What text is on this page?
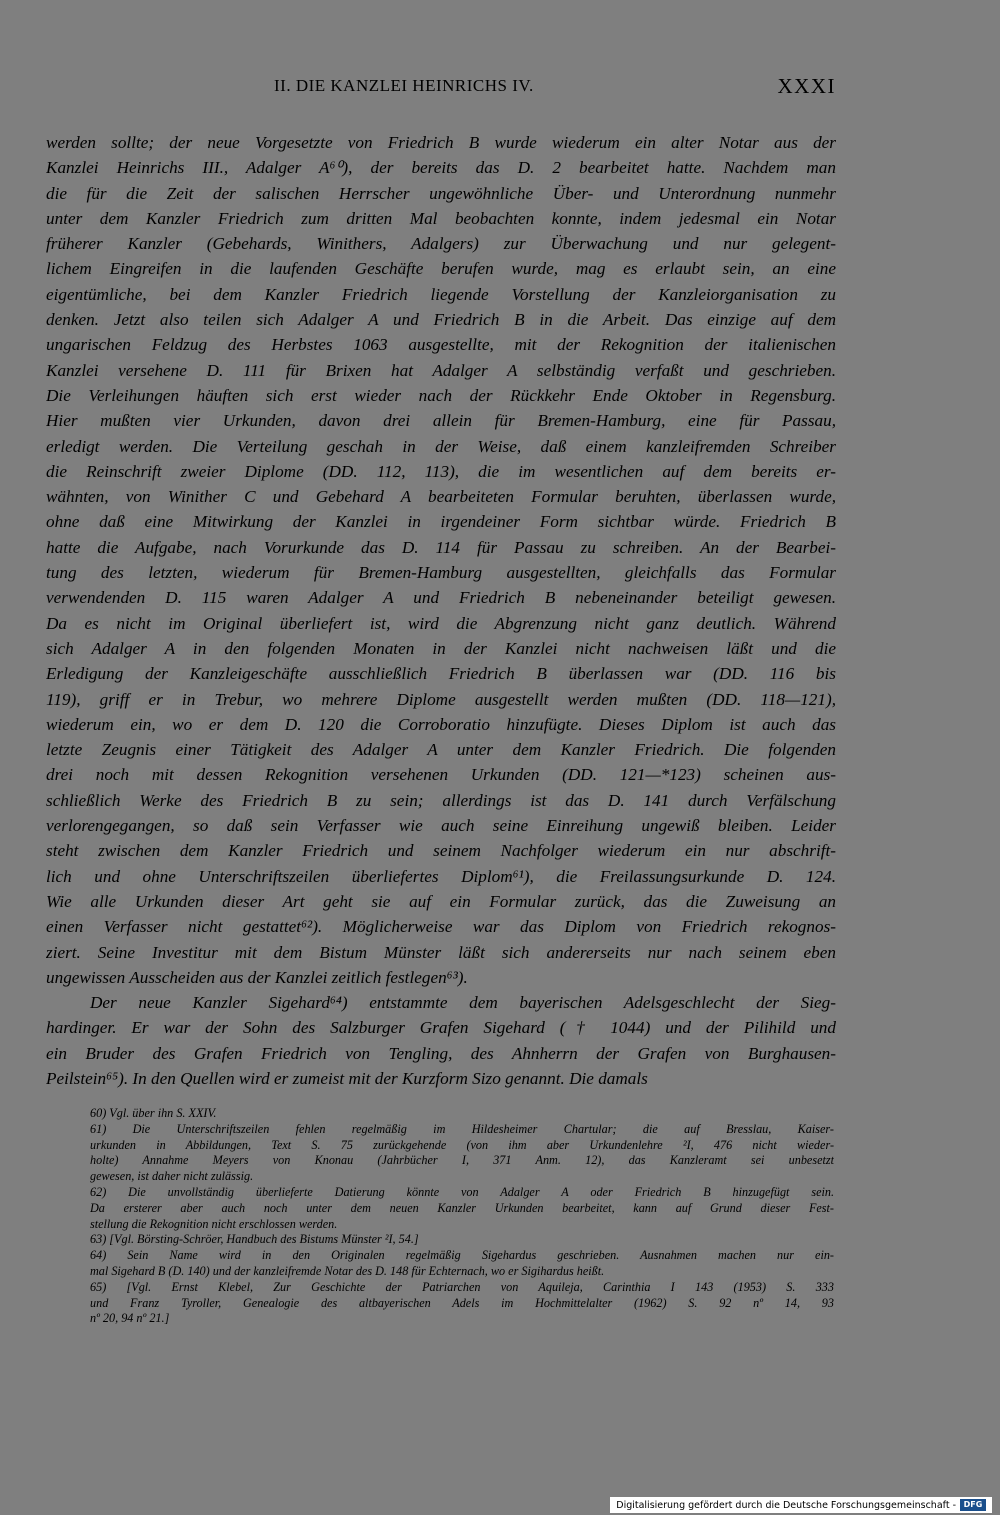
II. DIE KANZLEI HEINRICHS IV.	XXXI
werden sollte; der neue Vorgesetzte von Friedrich B wurde wiederum ein alter Notar aus der
Kanzlei Heinrichs III., Adalger A⁶⁰), der bereits das D. 2 bearbeitet hatte. Nachdem man
die für die Zeit der salischen Herrscher ungewöhnliche Über- und Unterordnung nunmehr
unter dem Kanzler Friedrich zum dritten Mal beobachten konnte, indem jedesmal ein Notar
früherer Kanzler (Gebehards, Winithers, Adalgers) zur Überwachung und nur gelegent-
lichem Eingreifen in die laufenden Geschäfte berufen wurde, mag es erlaubt sein, an eine
eigentümliche, bei dem Kanzler Friedrich liegende Vorstellung der Kanzleiorganisation zu
denken. Jetzt also teilen sich Adalger A und Friedrich B in die Arbeit. Das einzige auf dem
ungarischen Feldzug des Herbstes 1063 ausgestellte, mit der Rekognition der italienischen
Kanzlei versehene D. 111 für Brixen hat Adalger A selbständig verfaßt und geschrieben.
Die Verleihungen häuften sich erst wieder nach der Rückkehr Ende Oktober in Regensburg.
Hier mußten vier Urkunden, davon drei allein für Bremen-Hamburg, eine für Passau,
erledigt werden. Die Verteilung geschah in der Weise, daß einem kanzleifremden Schreiber
die Reinschrift zweier Diplome (DD. 112, 113), die im wesentlichen auf dem bereits er-
wähnten, von Winither C und Gebehard A bearbeiteten Formular beruhten, überlassen wurde,
ohne daß eine Mitwirkung der Kanzlei in irgendeiner Form sichtbar würde. Friedrich B
hatte die Aufgabe, nach Vorurkunde das D. 114 für Passau zu schreiben. An der Bearbei-
tung des letzten, wiederum für Bremen-Hamburg ausgestellten, gleichfalls das Formular
verwendenden D. 115 waren Adalger A und Friedrich B nebeneinander beteiligt gewesen.
Da es nicht im Original überliefert ist, wird die Abgrenzung nicht ganz deutlich. Während
sich Adalger A in den folgenden Monaten in der Kanzlei nicht nachweisen läßt und die
Erledigung der Kanzleigeschäfte ausschließlich Friedrich B überlassen war (DD. 116 bis
119), griff er in Trebur, wo mehrere Diplome ausgestellt werden mußten (DD. 118—121),
wiederum ein, wo er dem D. 120 die Corroboratio hinzufügte. Dieses Diplom ist auch das
letzte Zeugnis einer Tätigkeit des Adalger A unter dem Kanzler Friedrich. Die folgenden
drei noch mit dessen Rekognition versehenen Urkunden (DD. 121—*123) scheinen aus-
schließlich Werke des Friedrich B zu sein; allerdings ist das D. 141 durch Verfälschung
verlorengegangen, so daß sein Verfasser wie auch seine Einreihung ungewiß bleiben. Leider
steht zwischen dem Kanzler Friedrich und seinem Nachfolger wiederum ein nur abschrift-
lich und ohne Unterschriftszeilen überliefertes Diplom⁶¹), die Freilassungsurkunde D. 124.
Wie alle Urkunden dieser Art geht sie auf ein Formular zurück, das die Zuweisung an
einen Verfasser nicht gestattet⁶²). Möglicherweise war das Diplom von Friedrich rekognos-
ziert. Seine Investitur mit dem Bistum Münster läßt sich andererseits nur nach seinem eben
ungewissen Ausscheiden aus der Kanzlei zeitlich festlegen⁶³).
Der neue Kanzler Sigehard⁶⁴) entstammte dem bayerischen Adelsgeschlecht der Sieg-
hardinger. Er war der Sohn des Salzburger Grafen Sigehard († 1044) und der Pilihild und
ein Bruder des Grafen Friedrich von Tengling, des Ahnherrn der Grafen von Burghausen-
Peilstein⁶⁵). In den Quellen wird er zumeist mit der Kurzform Sizo genannt. Die damals
60) Vgl. über ihn S. XXIV.
61) Die Unterschriftszeilen fehlen regelmäßig im Hildesheimer Chartular; die auf Bresslau, Kaiser-
urkunden in Abbildungen, Text S. 75 zurückgehende (von ihm aber Urkundenlehre ²I, 476 nicht wieder-
holte) Annahme Meyers von Knonau (Jahrbücher I, 371 Anm. 12), das Kanzleramt sei unbesetzt
gewesen, ist daher nicht zulässig.
62) Die unvollständig überlieferte Datierung könnte von Adalger A oder Friedrich B hinzugefügt sein.
Da ersterer aber auch noch unter dem neuen Kanzler Urkunden bearbeitet, kann auf Grund dieser Fest-
stellung die Rekognition nicht erschlossen werden.
63) [Vgl. Börsting-Schröer, Handbuch des Bistums Münster ²I, 54.]
64) Sein Name wird in den Originalen regelmäßig Sigehardus geschrieben. Ausnahmen machen nur ein-
mal Sigehard B (D. 140) und der kanzleifremde Notar des D. 148 für Echternach, wo er Sigihardus heißt.
65) [Vgl. Ernst Klebel, Zur Geschichte der Patriarchen von Aquileja, Carinthia I 143 (1953) S. 333
und Franz Tyroller, Genealogie des altbayerischen Adels im Hochmittelalter (1962) S. 92 nº 14, 93
nº 20, 94 nº 21.]
Digitalisierung gefördert durch die Deutsche Forschungsgemeinschaft - DFG
